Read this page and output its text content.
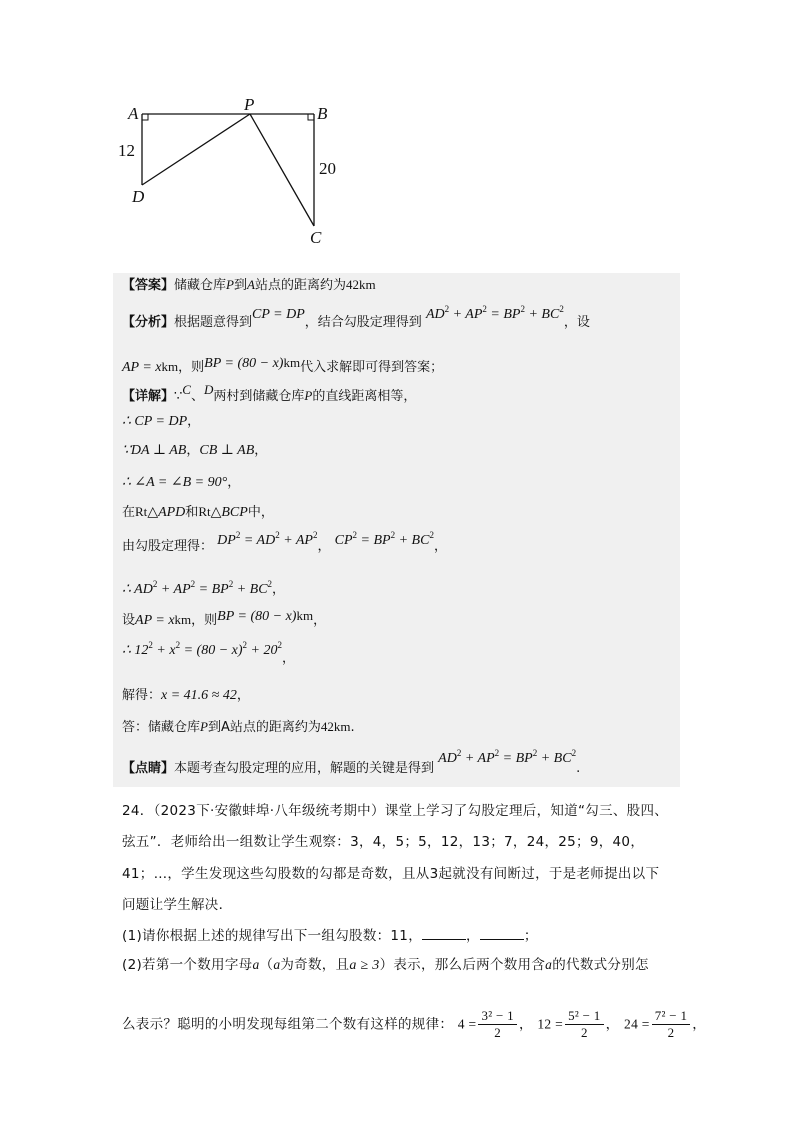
A	P	B
D
C
12
20
【答案】储藏仓库P到A站点的距离约为42km
【分析】根据题意得到CP = DP，结合勾股定理得到 $AD^2 + AP^2 = BP^2 + BC^2$，设
AP = xkm，则BP = (80 − x)km代入求解即可得到答案；
【详解】∵C、D两村到储藏仓库P的直线距离相等，
∴ CP = DP，
∵DA ⊥ AB，CB ⊥ AB，
∴ ∠A = ∠B = 90°，
在Rt△APD和Rt△BCP中，
由勾股定理得： $DP^2 = AD^2 + AP^2$， $CP^2 = BP^2 + BC^2$，
∴ $AD^2 + AP^2 = BP^2 + BC^2$，
设AP = xkm，则BP = (80 − x)km，
∴ $12^2 + x^2 = (80 - x)^2 + 20^2$，
解得：x = 41.6 ≈ 42，
答：储藏仓库P到A站点的距离约为42km.
【点睛】本题考查勾股定理的应用，解题的关键是得到 $AD^2 + AP^2 = BP^2 + BC^2$.
24．（2023下·安徽蚌埠·八年级统考期中）课堂上学习了勾股定理后，知道“勾三、股四、
弦五”．老师给出一组数让学生观察：3，4，5；5，12，13；7，24，25；9，40，
41；…，学生发现这些勾股数的勾都是奇数，且从3起就没有间断过，于是老师提出以下
问题让学生解决．
(1)请你根据上述的规律写出下一组勾股数：11，	，	；
(2)若第一个数用字母a（a为奇数，且a ≥ 3）表示，那么后两个数用含a的代数式分别怎
么表示？聪明的小明发现每组第二个数有这样的规律： $4 = \frac{\text{3² − 1}}{2}$ ， $12 = \frac{\text{5² − 1}}{2}$ ， $24 = \frac{\text{7² − 1}}{2}$ ，
